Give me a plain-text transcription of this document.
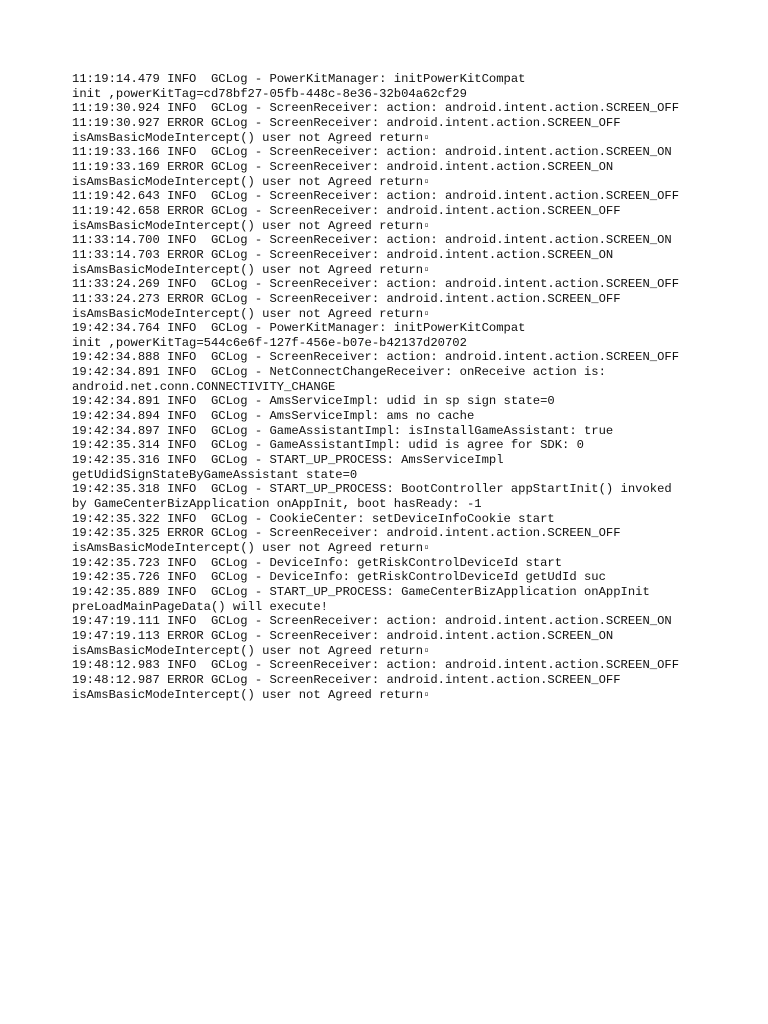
11:19:14.479 INFO  GCLog - PowerKitManager: initPowerKitCompat
init ,powerKitTag=cd78bf27-05fb-448c-8e36-32b04a62cf29
11:19:30.924 INFO  GCLog - ScreenReceiver: action: android.intent.action.SCREEN_OFF
11:19:30.927 ERROR GCLog - ScreenReceiver: android.intent.action.SCREEN_OFF
isAmsBasicModeIntercept() user not Agreed return▫
11:19:33.166 INFO  GCLog - ScreenReceiver: action: android.intent.action.SCREEN_ON
11:19:33.169 ERROR GCLog - ScreenReceiver: android.intent.action.SCREEN_ON
isAmsBasicModeIntercept() user not Agreed return▫
11:19:42.643 INFO  GCLog - ScreenReceiver: action: android.intent.action.SCREEN_OFF
11:19:42.658 ERROR GCLog - ScreenReceiver: android.intent.action.SCREEN_OFF
isAmsBasicModeIntercept() user not Agreed return▫
11:33:14.700 INFO  GCLog - ScreenReceiver: action: android.intent.action.SCREEN_ON
11:33:14.703 ERROR GCLog - ScreenReceiver: android.intent.action.SCREEN_ON
isAmsBasicModeIntercept() user not Agreed return▫
11:33:24.269 INFO  GCLog - ScreenReceiver: action: android.intent.action.SCREEN_OFF
11:33:24.273 ERROR GCLog - ScreenReceiver: android.intent.action.SCREEN_OFF
isAmsBasicModeIntercept() user not Agreed return▫
19:42:34.764 INFO  GCLog - PowerKitManager: initPowerKitCompat
init ,powerKitTag=544c6e6f-127f-456e-b07e-b42137d20702
19:42:34.888 INFO  GCLog - ScreenReceiver: action: android.intent.action.SCREEN_OFF
19:42:34.891 INFO  GCLog - NetConnectChangeReceiver: onReceive action is:
android.net.conn.CONNECTIVITY_CHANGE
19:42:34.891 INFO  GCLog - AmsServiceImpl: udid in sp sign state=0
19:42:34.894 INFO  GCLog - AmsServiceImpl: ams no cache
19:42:34.897 INFO  GCLog - GameAssistantImpl: isInstallGameAssistant: true
19:42:35.314 INFO  GCLog - GameAssistantImpl: udid is agree for SDK: 0
19:42:35.316 INFO  GCLog - START_UP_PROCESS: AmsServiceImpl
getUdidSignStateByGameAssistant state=0
19:42:35.318 INFO  GCLog - START_UP_PROCESS: BootController appStartInit() invoked
by GameCenterBizApplication onAppInit, boot hasReady: -1
19:42:35.322 INFO  GCLog - CookieCenter: setDeviceInfoCookie start
19:42:35.325 ERROR GCLog - ScreenReceiver: android.intent.action.SCREEN_OFF
isAmsBasicModeIntercept() user not Agreed return▫
19:42:35.723 INFO  GCLog - DeviceInfo: getRiskControlDeviceId start
19:42:35.726 INFO  GCLog - DeviceInfo: getRiskControlDeviceId getUdId suc
19:42:35.889 INFO  GCLog - START_UP_PROCESS: GameCenterBizApplication onAppInit
preLoadMainPageData() will execute!
19:47:19.111 INFO  GCLog - ScreenReceiver: action: android.intent.action.SCREEN_ON
19:47:19.113 ERROR GCLog - ScreenReceiver: android.intent.action.SCREEN_ON
isAmsBasicModeIntercept() user not Agreed return▫
19:48:12.983 INFO  GCLog - ScreenReceiver: action: android.intent.action.SCREEN_OFF
19:48:12.987 ERROR GCLog - ScreenReceiver: android.intent.action.SCREEN_OFF
isAmsBasicModeIntercept() user not Agreed return▫
